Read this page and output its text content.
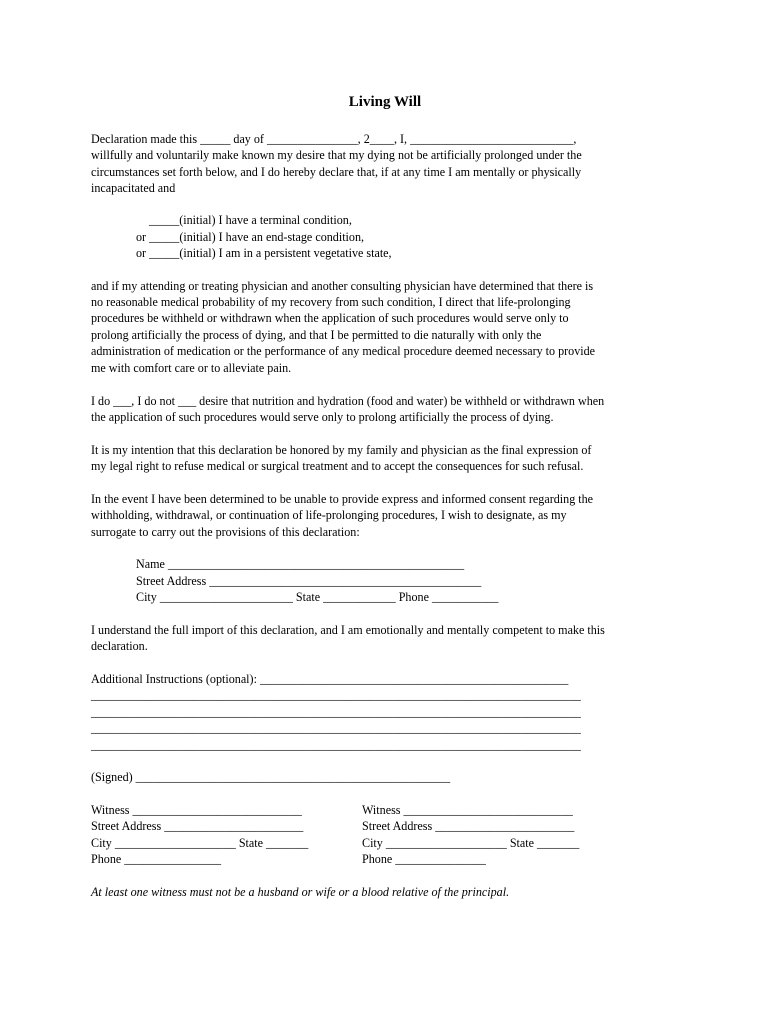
Living Will
Declaration made this _____ day of _______________, 2____, I, ___________________________,
willfully and voluntarily make known my desire that my dying not be artificially prolonged under the
circumstances set forth below, and I do hereby declare that, if at any time I am mentally or physically
incapacitated and
_____(initial) I have a terminal condition,
or _____(initial) I have an end-stage condition,
or _____(initial) I am in a persistent vegetative state,
and if my attending or treating physician and another consulting physician have determined that there is
no reasonable medical probability of my recovery from such condition, I direct that life-prolonging
procedures be withheld or withdrawn when the application of such procedures would serve only to
prolong artificially the process of dying, and that I be permitted to die naturally with only the
administration of medication or the performance of any medical procedure deemed necessary to provide
me with comfort care or to alleviate pain.
I do ___, I do not ___ desire that nutrition and hydration (food and water) be withheld or withdrawn when
the application of such procedures would serve only to prolong artificially the process of dying.
It is my intention that this declaration be honored by my family and physician as the final expression of
my legal right to refuse medical or surgical treatment and to accept the consequences for such refusal.
In the event I have been determined to be unable to provide express and informed consent regarding the
withholding, withdrawal, or continuation of life-prolonging procedures, I wish to designate, as my
surrogate to carry out the provisions of this declaration:
Name _________________________________________________
Street Address _____________________________________________
City ______________________ State ____________ Phone ___________
I understand the full import of this declaration, and I am emotionally and mentally competent to make this
declaration.
Additional Instructions (optional): ___________________________________________________
_________________________________________________________________________________
_________________________________________________________________________________
_________________________________________________________________________________
_________________________________________________________________________________
(Signed) ____________________________________________________
Witness ____________________________
Street Address _______________________
City ____________________ State _______
Phone ________________
Witness ____________________________
Street Address _______________________
City ____________________ State _______
Phone _______________
At least one witness must not be a husband or wife or a blood relative of the principal.
